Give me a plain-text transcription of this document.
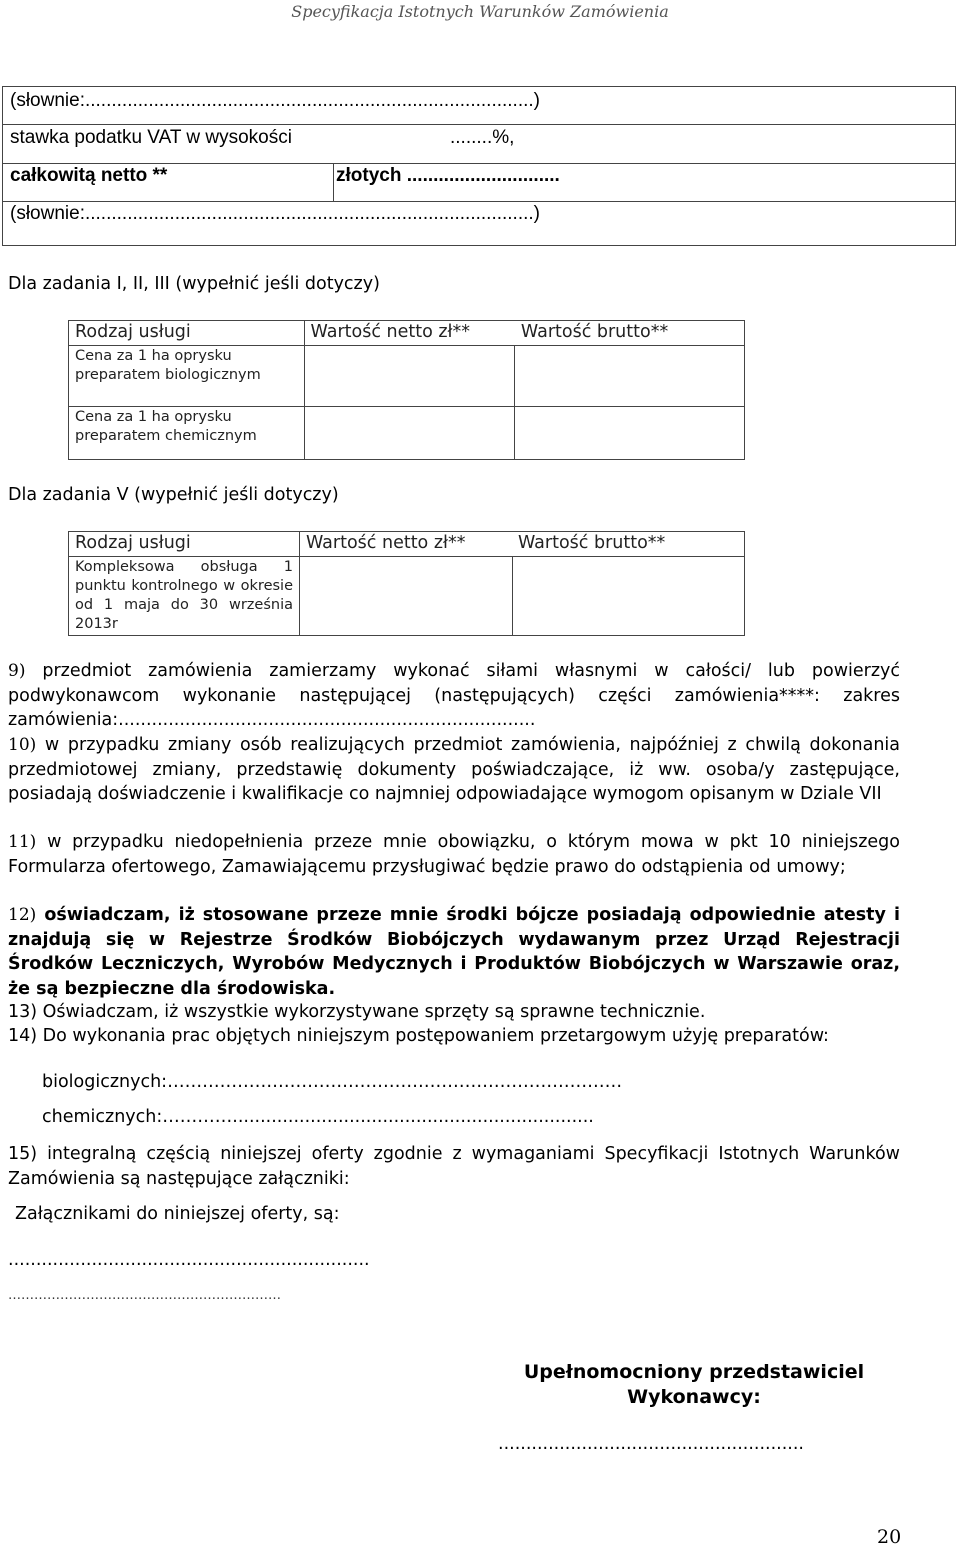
Specyfikacja Istotnych Warunków Zamówienia
(słownie:.....................................................................................)
stawka podatku VAT w wysokości	........%,
całkowitą netto **	złotych .............................
(słownie:.....................................................................................)
Dla zadania I, II, III (wypełnić jeśli dotyczy)
Rodzaj usługi	Wartość netto zł**	Wartość brutto**
Cena za 1 ha oprysku preparatem biologicznym		
Cena za 1 ha oprysku preparatem chemicznym		
Dla zadania V (wypełnić jeśli dotyczy)
Rodzaj usługi	Wartość netto zł**	Wartość brutto**
Kompleksowa obsługa 1 punktu kontrolnego w okresie od 1 maja do 30 września 2013r		
9) przedmiot zamówienia zamierzamy wykonać siłami własnymi w całości/ lub powierzyć podwykonawcom wykonanie następującej (następujących) części zamówienia****: zakres zamówienia:...........................................................................
10) w przypadku zmiany osób realizujących przedmiot zamówienia, najpóźniej z chwilą dokonania przedmiotowej zmiany, przedstawię dokumenty poświadczające, iż ww. osoba/y zastępujące, posiadają doświadczenie i kwalifikacje co najmniej odpowiadające wymogom opisanym w Dziale VII
11) w przypadku niedopełnienia przeze mnie obowiązku, o którym mowa w pkt 10 niniejszego Formularza ofertowego, Zamawiającemu przysługiwać będzie prawo do odstąpienia od umowy;
12) oświadczam, iż stosowane przeze mnie środki bójcze posiadają odpowiednie atesty i znajdują się w Rejestrze Środków Biobójczych wydawanym przez Urząd Rejestracji Środków Leczniczych, Wyrobów Medycznych i Produktów Biobójczych w Warszawie oraz, że są bezpieczne dla środowiska.
13) Oświadczam, iż wszystkie wykorzystywane sprzęty są sprawne technicznie.
14) Do wykonania prac objętych niniejszym postępowaniem przetargowym użyję preparatów:
biologicznych:……………………………………………………………………
chemicznych:………….................................................................
15) integralną częścią niniejszej oferty zgodnie z wymaganiami Specyfikacji Istotnych Warunków Zamówienia są następujące załączniki:
Załącznikami do niniejszej oferty, są:
.................................................................
………………………………………………………
Upełnomocniony przedstawiciel
Wykonawcy:
.......................................................
20
